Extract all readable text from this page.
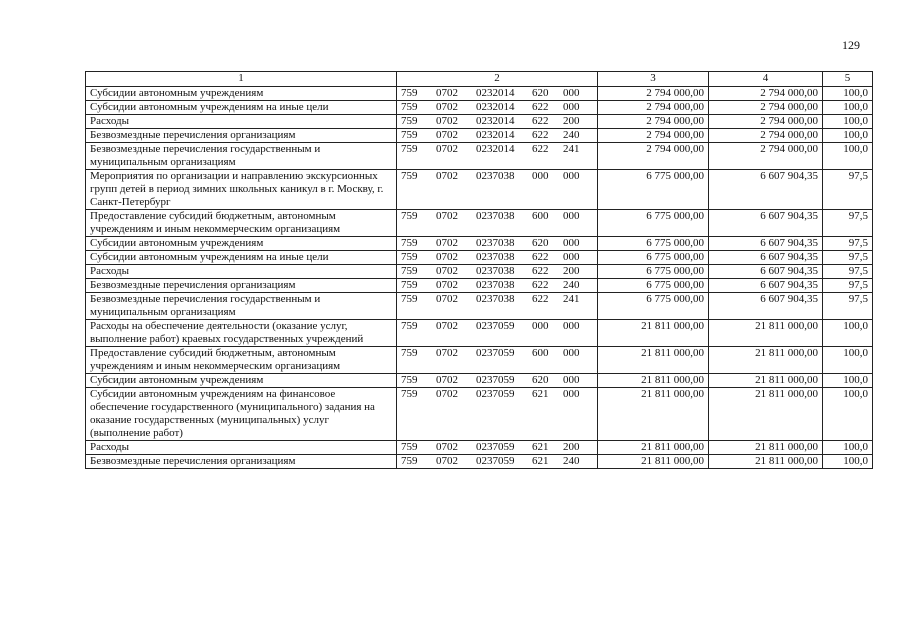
129
1	2	3	4	5
Субсидии автономным учреждениям	759 0702 0232014 620 000	2 794 000,00	2 794 000,00	100,0
Субсидии автономным учреждениям на иные цели	759 0702 0232014 622 000	2 794 000,00	2 794 000,00	100,0
Расходы	759 0702 0232014 622 200	2 794 000,00	2 794 000,00	100,0
Безвозмездные перечисления организациям	759 0702 0232014 622 240	2 794 000,00	2 794 000,00	100,0
Безвозмездные перечисления государственным и муниципальным организациям	759 0702 0232014 622 241	2 794 000,00	2 794 000,00	100,0
Мероприятия по организации и направлению экскурсионных групп детей в период зимних школьных каникул в г. Москву, г. Санкт-Петербург	759 0702 0237038 000 000	6 775 000,00	6 607 904,35	97,5
Предоставление субсидий бюджетным, автономным учреждениям и иным некоммерческим организациям	759 0702 0237038 600 000	6 775 000,00	6 607 904,35	97,5
Субсидии автономным учреждениям	759 0702 0237038 620 000	6 775 000,00	6 607 904,35	97,5
Субсидии автономным учреждениям на иные цели	759 0702 0237038 622 000	6 775 000,00	6 607 904,35	97,5
Расходы	759 0702 0237038 622 200	6 775 000,00	6 607 904,35	97,5
Безвозмездные перечисления организациям	759 0702 0237038 622 240	6 775 000,00	6 607 904,35	97,5
Безвозмездные перечисления государственным и муниципальным организациям	759 0702 0237038 622 241	6 775 000,00	6 607 904,35	97,5
Расходы на обеспечение деятельности (оказание услуг, выполнение работ) краевых государственных учреждений	759 0702 0237059 000 000	21 811 000,00	21 811 000,00	100,0
Предоставление субсидий бюджетным, автономным учреждениям и иным некоммерческим организациям	759 0702 0237059 600 000	21 811 000,00	21 811 000,00	100,0
Субсидии автономным учреждениям	759 0702 0237059 620 000	21 811 000,00	21 811 000,00	100,0
Субсидии автономным учреждениям на финансовое обеспечение государственного (муниципального) задания на оказание государственных (муниципальных) услуг (выполнение работ)	759 0702 0237059 621 000	21 811 000,00	21 811 000,00	100,0
Расходы	759 0702 0237059 621 200	21 811 000,00	21 811 000,00	100,0
Безвозмездные перечисления организациям	759 0702 0237059 621 240	21 811 000,00	21 811 000,00	100,0
